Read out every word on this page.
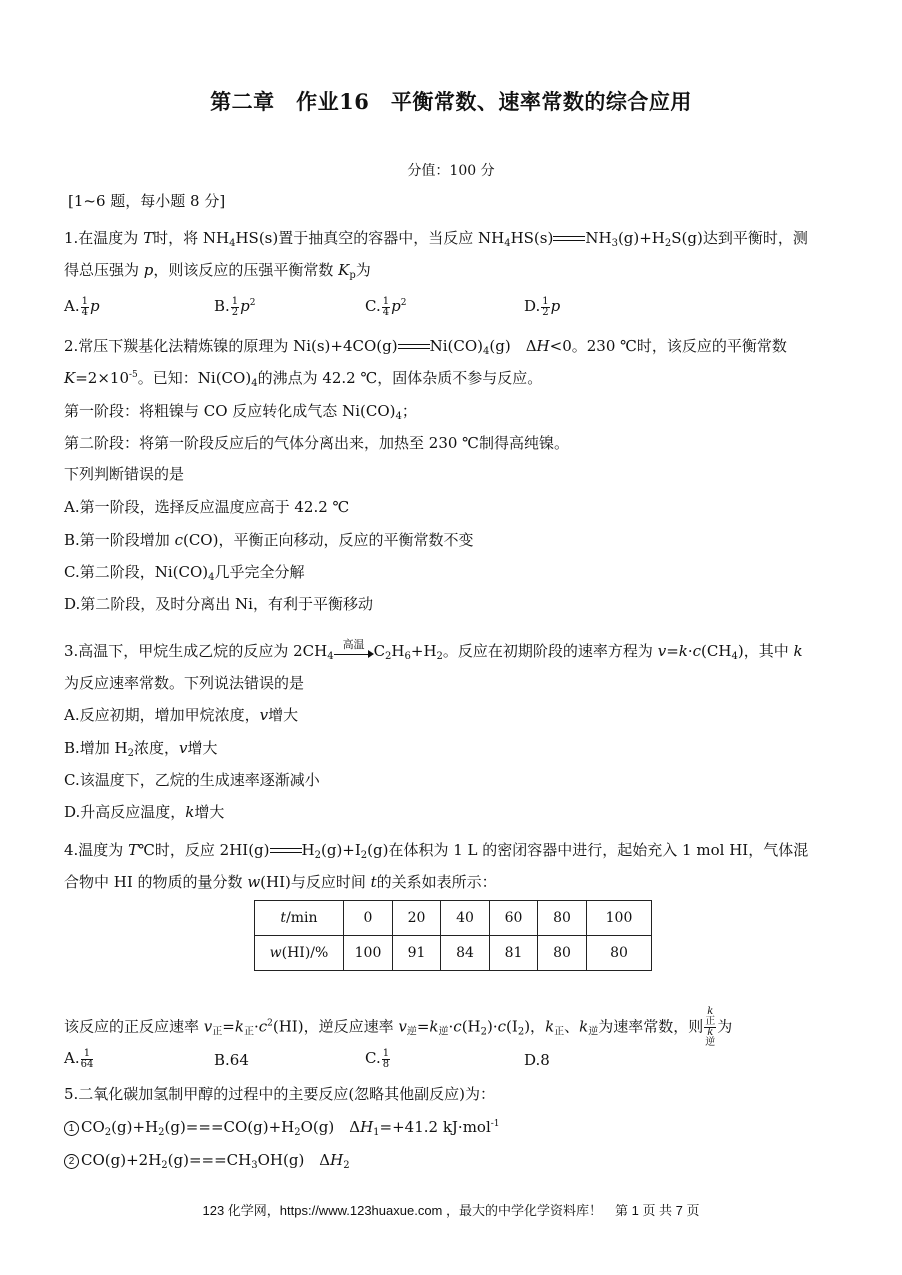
第二章　作业16　平衡常数、速率常数的综合应用
分值：100 分
[1~6 题，每小题 8 分]
1.在温度为 T时，将 $NH_4HS(s)$置于抽真空的容器中，当反应 $NH_4HS(s)$ $NH_3(g)+H_2S(g)$达到平衡时，测
得总压强为 p，则该反应的压强平衡常数 $K_p$为
A. $\frac{1}{4}$ p	B. $\frac{1}{2} p^2$	C. $\frac{1}{4} p^2$	D. $\frac{1}{2}$ p
2.常压下羰基化法精炼镍的原理为 Ni(s)+4CO(g) $Ni(CO)_4(g)$　ΔH<0。230 ℃时，该反应的平衡常数
$K=2\times 10^{-5}$。已知：$Ni(CO)_4$的沸点为 42.2 ℃，固体杂质不参与反应。
第一阶段：将粗镍与 CO 反应转化成气态 $Ni(CO)_4$；
第二阶段：将第一阶段反应后的气体分离出来，加热至 230 ℃制得高纯镍。
下列判断错误的是
A.第一阶段，选择反应温度应高于 42.2 ℃
B.第一阶段增加 c(CO)，平衡正向移动，反应的平衡常数不变
C.第二阶段，$Ni(CO)_4$几乎完全分解
D.第二阶段，及时分离出 Ni，有利于平衡移动
3.高温下，甲烷生成乙烷的反应为 $2CH_4$
高温 $C_2H_6+H_2$。反应在初期阶段的速率方程为 $v=k\cdot c(CH_4)$，其中 k
为反应速率常数。下列说法错误的是
A.反应初期，增加甲烷浓度，v增大
B.增加 $H_2$浓度，v增大
C.该温度下，乙烷的生成速率逐渐减小
D.升高反应温度，k增大
4.温度为 T℃时，反应 2HI(g) $H_2(g)+I_2(g)$在体积为 1 L 的密闭容器中进行，起始充入 1 mol HI，气体混
合物中 HI 的物质的量分数 w(HI)与反应时间 t的关系如表所示：
t/min	0	20	40	60	80	100
w(HI)/%	100	91	84	81	80	80
该反应的正反应速率 $v_正=k_正\cdot c^2(HI)$，逆反应速率 $v_逆=k_逆\cdot c(H_2)\cdot c(I_2)$，$k_正$、$k_逆$为速率常数，则 k
正
k
逆 为
A. $\frac{1}{64}$	B.64	C. $\frac{1}{8}$	D.8
5.二氧化碳加氢制甲醇的过程中的主要反应(忽略其他副反应)为：
1 $CO_2(g)+H_2(g)===CO(g)+H_2O(g)$　$\Delta H_1=+41.2$ kJ·mol$^{-1}$
2 $CO(g)+2H_2(g)===CH_3OH(g)$　$\Delta H_2$
123 化学网，https://www.123huaxue.com ，最大的中学化学资料库！　第 1 页 共 7 页
